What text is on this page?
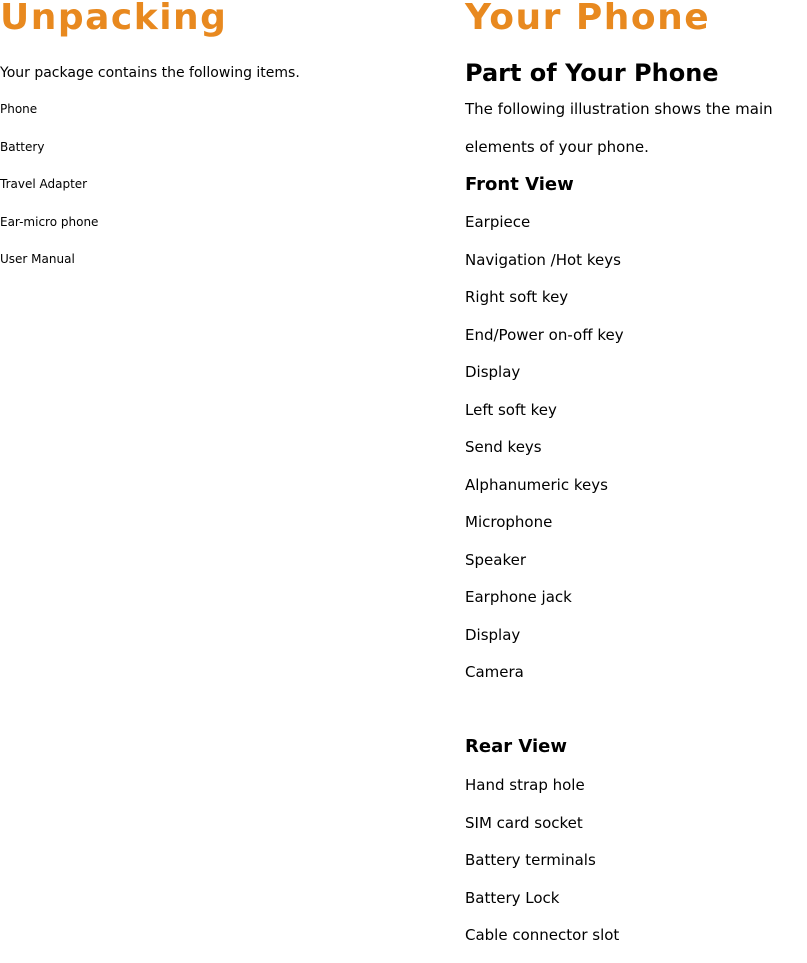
Unpacking
Your package contains the following items.
Phone
Battery
Travel Adapter
Ear-micro phone
User Manual
Your Phone
Part of Your Phone
The following illustration shows the main
elements of your phone.
Front View
Earpiece
Navigation /Hot keys
Right soft key
End/Power on-off key
Display
Left soft key
Send keys
Alphanumeric keys
Microphone
Speaker
Earphone jack
Display
Camera
Rear View
Hand strap hole
SIM card socket
Battery terminals
Battery Lock
Cable connector slot
